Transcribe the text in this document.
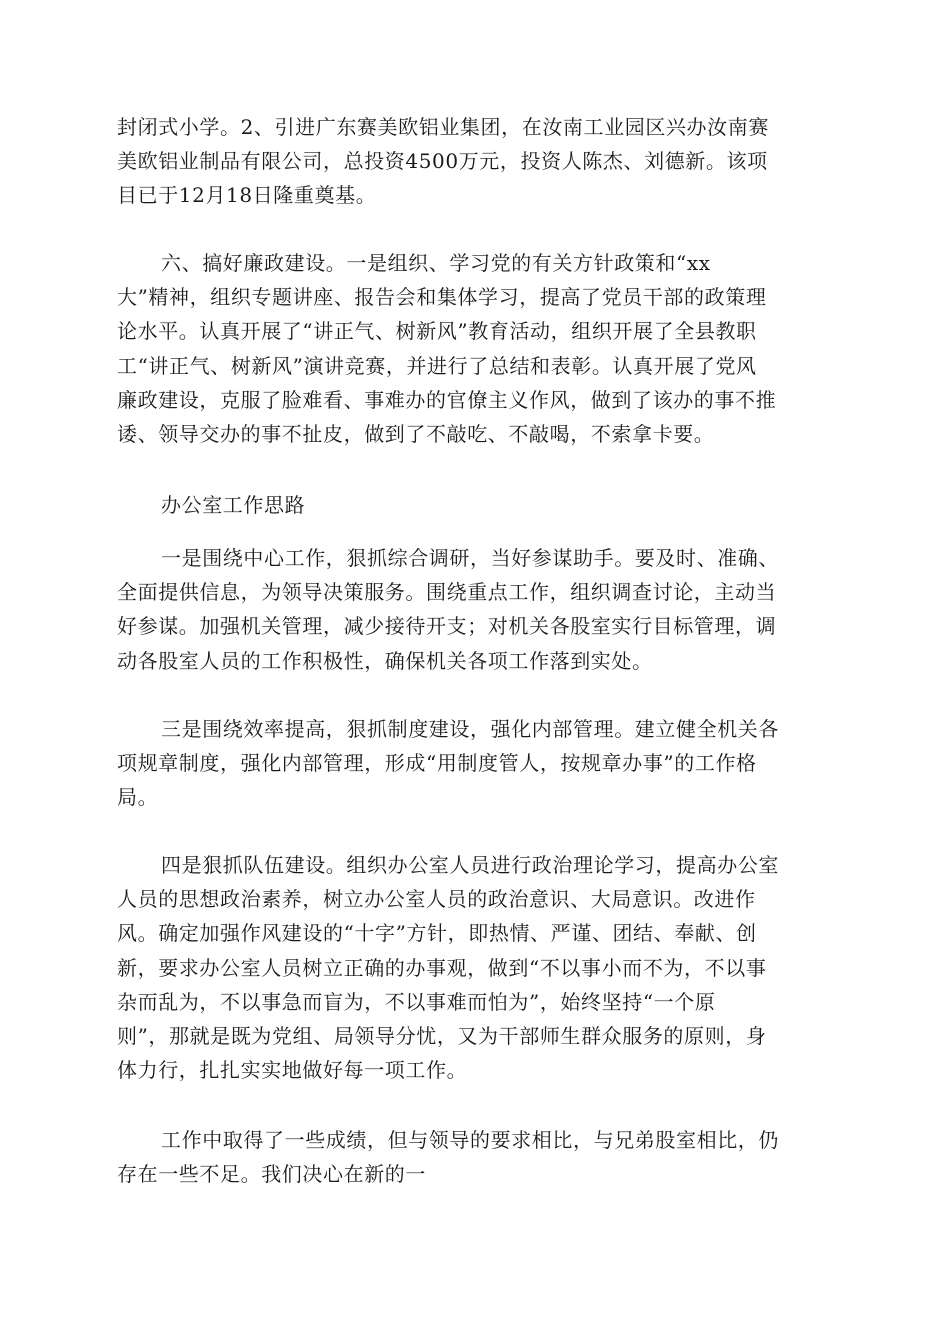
封闭式小学。2、引进广东赛美欧铝业集团，在汝南工业园区兴办汝南赛
美欧铝业制品有限公司，总投资4500万元，投资人陈杰、刘德新。该项
目已于12月18日隆重奠基。
六、搞好廉政建设。一是组织、学习党的有关方针政策和“xx
大”精神，组织专题讲座、报告会和集体学习，提高了党员干部的政策理
论水平。认真开展了“讲正气、树新风”教育活动，组织开展了全县教职
工“讲正气、树新风”演讲竞赛，并进行了总结和表彰。认真开展了党风
廉政建设，克服了脸难看、事难办的官僚主义作风，做到了该办的事不推
诿、领导交办的事不扯皮，做到了不敲吃、不敲喝，不索拿卡要。
办公室工作思路
一是围绕中心工作，狠抓综合调研，当好参谋助手。要及时、准确、
全面提供信息，为领导决策服务。围绕重点工作，组织调查讨论，主动当
好参谋。加强机关管理，减少接待开支；对机关各股室实行目标管理，调
动各股室人员的工作积极性，确保机关各项工作落到实处。
三是围绕效率提高，狠抓制度建设，强化内部管理。建立健全机关各
项规章制度，强化内部管理，形成“用制度管人，按规章办事”的工作格
局。
四是狠抓队伍建设。组织办公室人员进行政治理论学习，提高办公室
人员的思想政治素养，树立办公室人员的政治意识、大局意识。改进作
风。确定加强作风建设的“十字”方针，即热情、严谨、团结、奉献、创
新，要求办公室人员树立正确的办事观，做到“不以事小而不为，不以事
杂而乱为，不以事急而盲为，不以事难而怕为”，始终坚持“一个原
则”，那就是既为党组、局领导分忧，又为干部师生群众服务的原则，身
体力行，扎扎实实地做好每一项工作。
工作中取得了一些成绩，但与领导的要求相比，与兄弟股室相比，仍
存在一些不足。我们决心在新的一
